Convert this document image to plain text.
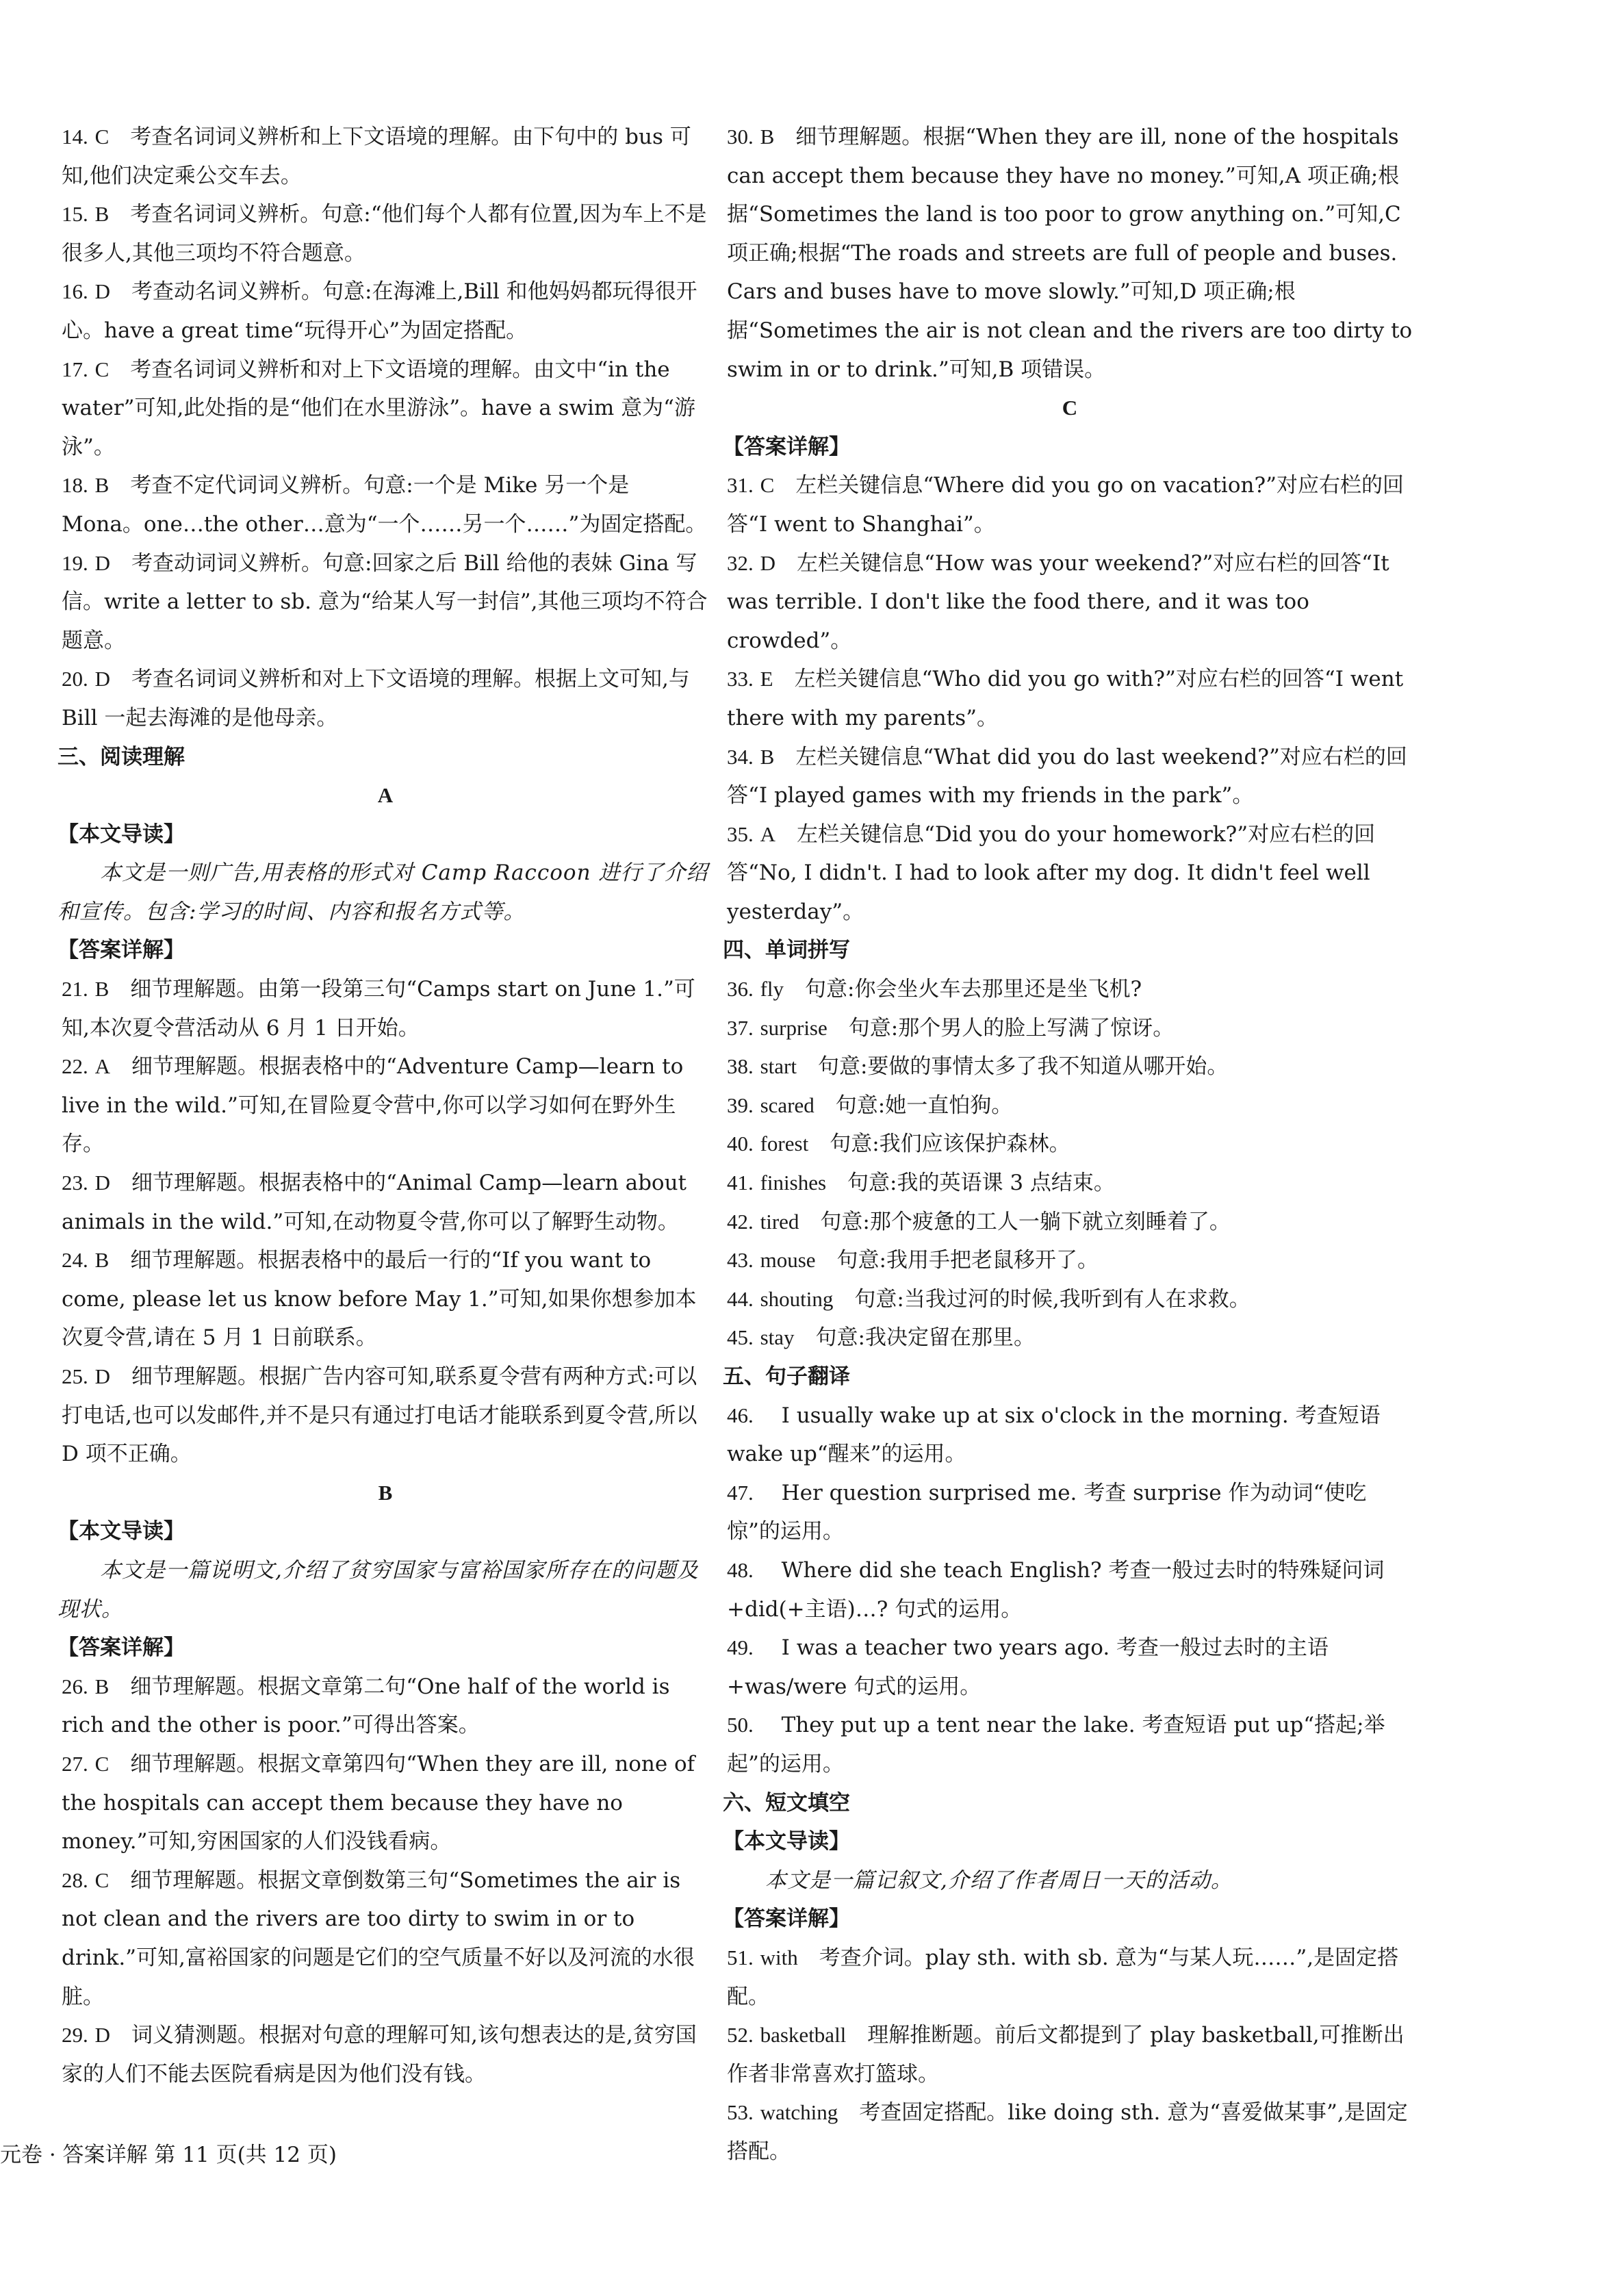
14. C  考查名词词义辨析和上下文语境的理解。由下句中的 bus 可知,他们决定乘公交车去。
15. B  考查名词词义辨析。句意:“他们每个人都有位置,因为车上不是很多人,其他三项均不符合题意。
16. D  考查动名词义辨析。句意:在海滩上,Bill 和他妈妈都玩得很开心。have a great time“玩得开心”为固定搭配。
17. C  考查名词词义辨析和对上下文语境的理解。由文中“in the water”可知,此处指的是“他们在水里游泳”。have a swim 意为“游泳”。
18. B  考查不定代词词义辨析。句意:一个是 Mike 另一个是 Mona。one…the other…意为“一个……另一个……”为固定搭配。
19. D  考查动词词义辨析。句意:回家之后 Bill 给他的表妹 Gina 写信。write a letter to sb. 意为“给某人写一封信”,其他三项均不符合题意。
20. D  考查名词词义辨析和对上下文语境的理解。根据上文可知,与 Bill 一起去海滩的是他母亲。
三、阅读理解
A
【本文导读】
本文是一则广告,用表格的形式对 Camp Raccoon 进行了介绍和宣传。包含:学习的时间、内容和报名方式等。
【答案详解】
21. B  细节理解题。由第一段第三句“Camps start on June 1.”可知,本次夏令营活动从 6 月 1 日开始。
22. A  细节理解题。根据表格中的“Adventure Camp—learn to live in the wild.”可知,在冒险夏令营中,你可以学习如何在野外生存。
23. D  细节理解题。根据表格中的“Animal Camp—learn about animals in the wild.”可知,在动物夏令营,你可以了解野生动物。
24. B  细节理解题。根据表格中的最后一行的“If you want to come, please let us know before May 1.”可知,如果你想参加本次夏令营,请在 5 月 1 日前联系。
25. D  细节理解题。根据广告内容可知,联系夏令营有两种方式:可以打电话,也可以发邮件,并不是只有通过打电话才能联系到夏令营,所以 D 项不正确。
B
【本文导读】
本文是一篇说明文,介绍了贫穷国家与富裕国家所存在的问题及现状。
【答案详解】
26. B  细节理解题。根据文章第二句“One half of the world is rich and the other is poor.”可得出答案。
27. C  细节理解题。根据文章第四句“When they are ill, none of the hospitals can accept them because they have no money.”可知,穷困国家的人们没钱看病。
28. C  细节理解题。根据文章倒数第三句“Sometimes the air is not clean and the rivers are too dirty to swim in or to drink.”可知,富裕国家的问题是它们的空气质量不好以及河流的水很脏。
29. D  词义猜测题。根据对句意的理解可知,该句想表达的是,贫穷国家的人们不能去医院看病是因为他们没有钱。
30. B  细节理解题。根据“When they are ill, none of the hospitals can accept them because they have no money.”可知,A 项正确;根据“Sometimes the land is too poor to grow anything on.”可知,C 项正确;根据“The roads and streets are full of people and buses. Cars and buses have to move slowly.”可知,D 项正确;根据“Sometimes the air is not clean and the rivers are too dirty to swim in or to drink.”可知,B 项错误。
C
【答案详解】
31. C  左栏关键信息“Where did you go on vacation?”对应右栏的回答“I went to Shanghai”。
32. D  左栏关键信息“How was your weekend?”对应右栏的回答“It was terrible. I don't like the food there, and it was too crowded”。
33. E  左栏关键信息“Who did you go with?”对应右栏的回答“I went there with my parents”。
34. B  左栏关键信息“What did you do last weekend?”对应右栏的回答“I played games with my friends in the park”。
35. A  左栏关键信息“Did you do your homework?”对应右栏的回答“No, I didn't. I had to look after my dog. It didn't feel well yesterday”。
四、单词拼写
36. fly  句意:你会坐火车去那里还是坐飞机?
37. surprise  句意:那个男人的脸上写满了惊讶。
38. start  句意:要做的事情太多了我不知道从哪开始。
39. scared  句意:她一直怕狗。
40. forest  句意:我们应该保护森林。
41. finishes  句意:我的英语课 3 点结束。
42. tired  句意:那个疲惫的工人一躺下就立刻睡着了。
43. mouse  句意:我用手把老鼠移开了。
44. shouting  句意:当我过河的时候,我听到有人在求救。
45. stay  句意:我决定留在那里。
五、句子翻译
46.   I usually wake up at six o'clock in the morning. 考查短语 wake up“醒来”的运用。
47.   Her question surprised me. 考查 surprise 作为动词“使吃惊”的运用。
48.   Where did she teach English? 考查一般过去时的特殊疑问词+did(+主语)…? 句式的运用。
49.   I was a teacher two years ago. 考查一般过去时的主语+was/were 句式的运用。
50.   They put up a tent near the lake. 考查短语 put up“搭起;举起”的运用。
六、短文填空
【本文导读】
本文是一篇记叙文,介绍了作者周日一天的活动。
【答案详解】
51. with  考查介词。play sth. with sb. 意为“与某人玩……”,是固定搭配。
52. basketball  理解推断题。前后文都提到了 play basketball,可推断出作者非常喜欢打篮球。
53. watching  考查固定搭配。like doing sth. 意为“喜爱做某事”,是固定搭配。
元卷 · 答案详解 第 11 页(共 12 页)
